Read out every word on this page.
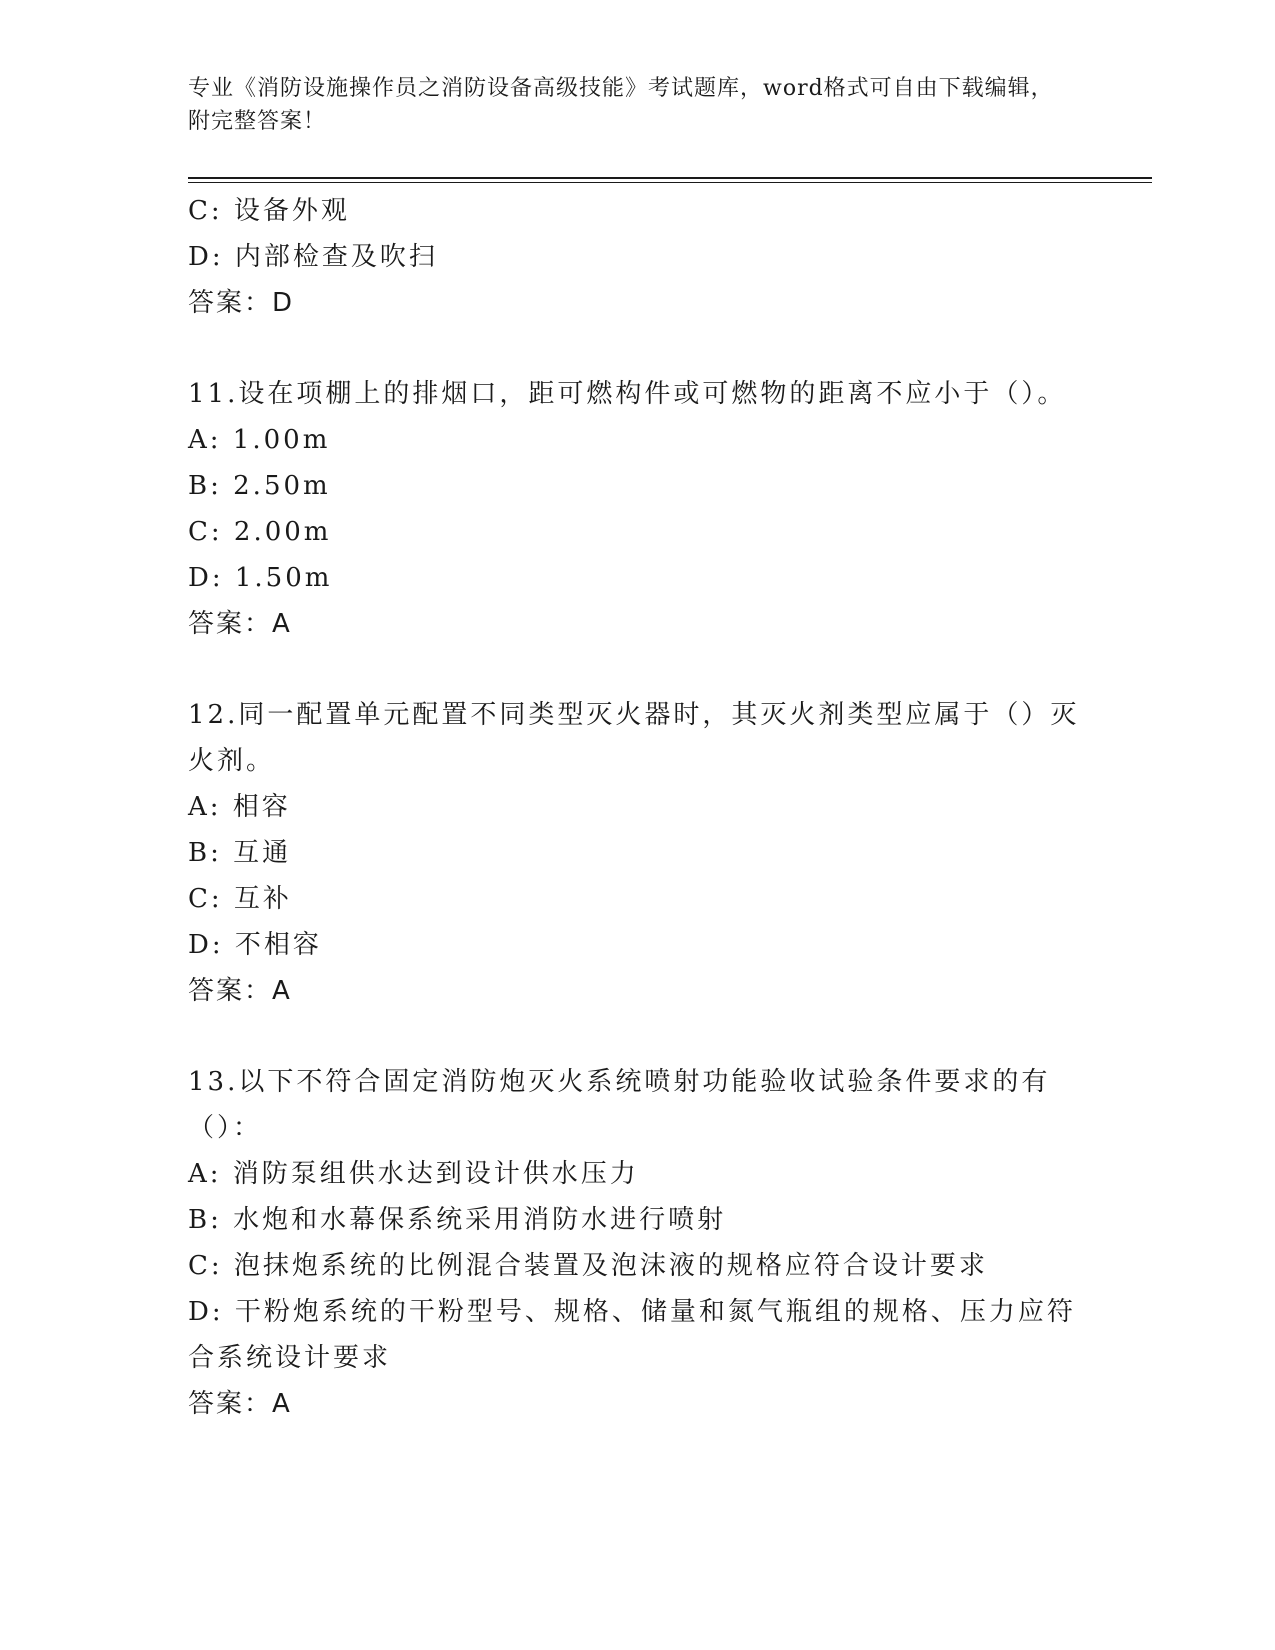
专业《消防设施操作员之消防设备高级技能》考试题库，word格式可自由下载编辑，附完整答案！
C: 设备外观
D: 内部检查及吹扫
答案：D
11.设在项棚上的排烟口，距可燃构件或可燃物的距离不应小于（）。
A: 1.00m
B: 2.50m
C: 2.00m
D: 1.50m
答案：A
12.同一配置单元配置不同类型灭火器时，其灭火剂类型应属于（）灭火剂。
A: 相容
B: 互通
C: 互补
D: 不相容
答案：A
13.以下不符合固定消防炮灭火系统喷射功能验收试验条件要求的有（）：
A: 消防泵组供水达到设计供水压力
B: 水炮和水幕保系统采用消防水进行喷射
C: 泡抹炮系统的比例混合装置及泡沫液的规格应符合设计要求
D: 干粉炮系统的干粉型号、规格、储量和氮气瓶组的规格、压力应符合系统设计要求
答案：A
